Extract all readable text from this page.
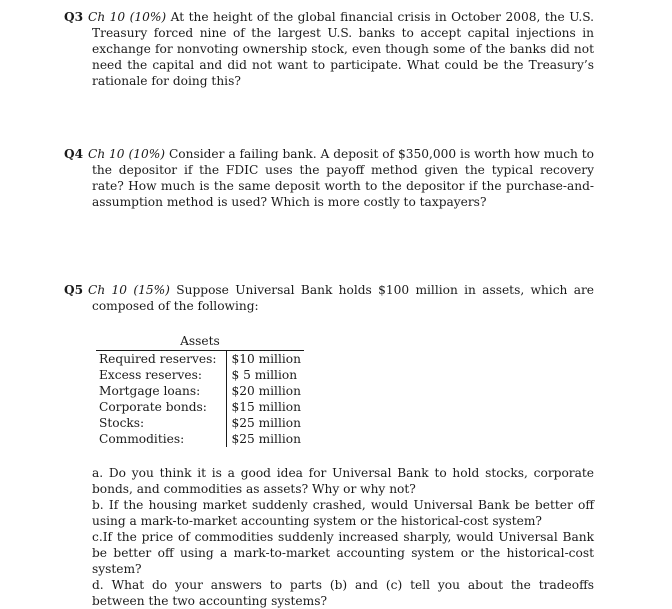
Q3 Ch 10 (10%) At the height of the global financial crisis in October 2008, the U.S. Treasury forced nine of the largest U.S. banks to accept capital injections in exchange for nonvoting ownership stock, even though some of the banks did not need the capital and did not want to participate. What could be the Treasury’s rationale for doing this?
Q4 Ch 10 (10%) Consider a failing bank. A deposit of $350,000 is worth how much to the depositor if the FDIC uses the payoff method given the typical recovery rate? How much is the same deposit worth to the depositor if the purchase-and-assumption method is used? Which is more costly to taxpayers?
Q5 Ch 10 (15%) Suppose Universal Bank holds $100 million in assets, which are composed of the following:
Assets	
Required reserves:	$10 million
Excess reserves:	$ 5 million
Mortgage loans:	$20 million
Corporate bonds:	$15 million
Stocks:	$25 million
Commodities:	$25 million

a. Do you think it is a good idea for Universal Bank to hold stocks, corporate bonds, and commodities as assets? Why or why not?

b. If the housing market suddenly crashed, would Universal Bank be better off using a mark-to-market accounting system or the historical-cost system?

c.If the price of commodities suddenly increased sharply, would Universal Bank be better off using a mark-to-market accounting system or the historical-cost system?

d. What do your answers to parts (b) and (c) tell you about the tradeoffs between the two accounting systems?
